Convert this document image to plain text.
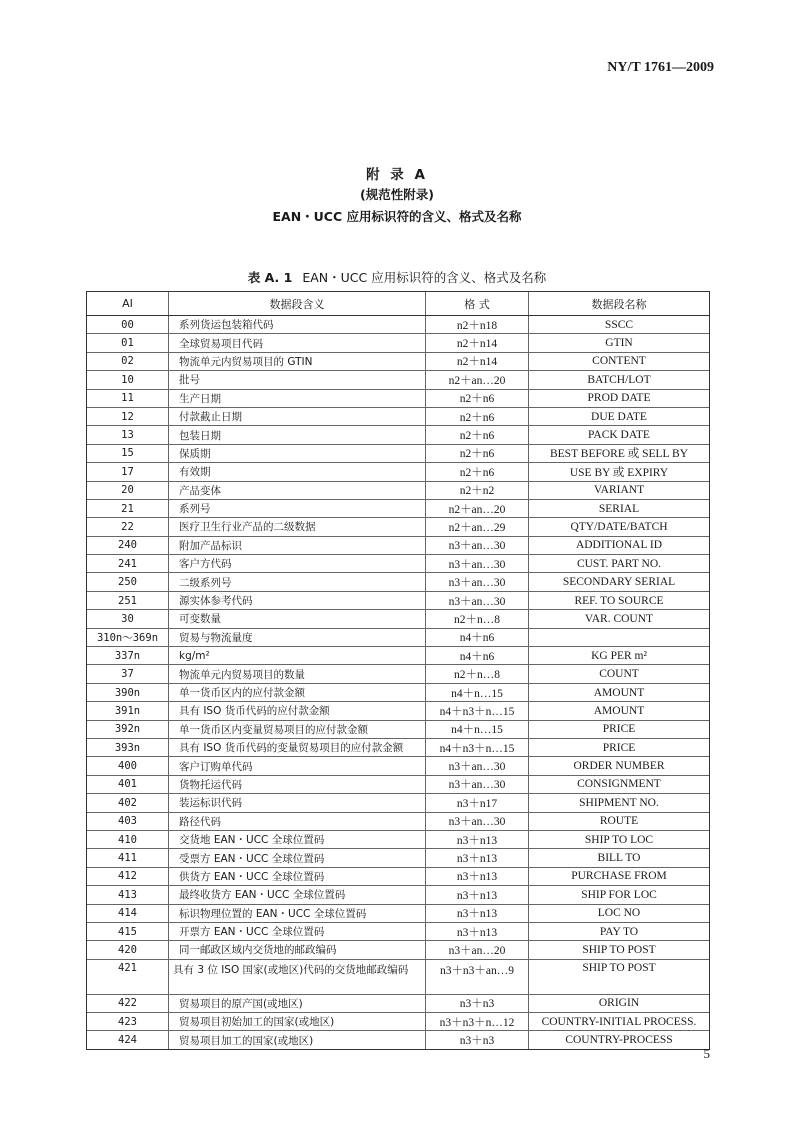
NY/T 1761—2009
附 录 A
(规范性附录)
EAN・UCC 应用标识符的含义、格式及名称
表 A. 1 EAN・UCC 应用标识符的含义、格式及名称
AI	数据段含义	格 式	数据段名称
00	系列货运包装箱代码	n2＋n18	SSCC
01	全球贸易项目代码	n2＋n14	GTIN
02	物流单元内贸易项目的 GTIN	n2＋n14	CONTENT
10	批号	n2＋an…20	BATCH/LOT
11	生产日期	n2＋n6	PROD DATE
12	付款截止日期	n2＋n6	DUE DATE
13	包装日期	n2＋n6	PACK DATE
15	保质期	n2＋n6	BEST BEFORE 或 SELL BY
17	有效期	n2＋n6	USE BY 或 EXPIRY
20	产品变体	n2＋n2	VARIANT
21	系列号	n2＋an…20	SERIAL
22	医疗卫生行业产品的二级数据	n2＋an…29	QTY/DATE/BATCH
240	附加产品标识	n3＋an…30	ADDITIONAL ID
241	客户方代码	n3＋an…30	CUST. PART NO.
250	二级系列号	n3＋an…30	SECONDARY SERIAL
251	源实体参考代码	n3＋an…30	REF. TO SOURCE
30	可变数量	n2＋n…8	VAR. COUNT
310n～369n	贸易与物流量度	n4＋n6
337n	kg/m²	n4＋n6	KG PER m²
37	物流单元内贸易项目的数量	n2＋n…8	COUNT
390n	单一货币区内的应付款金额	n4＋n…15	AMOUNT
391n	具有 ISO 货币代码的应付款金额	n4＋n3＋n…15	AMOUNT
392n	单一货币区内变量贸易项目的应付款金额	n4＋n…15	PRICE
393n	具有 ISO 货币代码的变量贸易项目的应付款金额	n4＋n3＋n…15	PRICE
400	客户订购单代码	n3＋an…30	ORDER NUMBER
401	货物托运代码	n3＋an…30	CONSIGNMENT
402	装运标识代码	n3＋n17	SHIPMENT NO.
403	路径代码	n3＋an…30	ROUTE
410	交货地 EAN・UCC 全球位置码	n3＋n13	SHIP TO LOC
411	受票方 EAN・UCC 全球位置码	n3＋n13	BILL TO
412	供货方 EAN・UCC 全球位置码	n3＋n13	PURCHASE FROM
413	最终收货方 EAN・UCC 全球位置码	n3＋n13	SHIP FOR LOC
414	标识物理位置的 EAN・UCC 全球位置码	n3＋n13	LOC NO
415	开票方 EAN・UCC 全球位置码	n3＋n13	PAY TO
420	同一邮政区域内交货地的邮政编码	n3＋an…20	SHIP TO POST
421	具有 3 位 ISO 国家(或地区)代码的交货地邮政编码	n3＋n3＋an…9	SHIP TO POST
422	贸易项目的原产国(或地区)	n3＋n3	ORIGIN
423	贸易项目初始加工的国家(或地区)	n3＋n3＋n…12	COUNTRY-INITIAL PROCESS.
424	贸易项目加工的国家(或地区)	n3＋n3	COUNTRY-PROCESS
5
